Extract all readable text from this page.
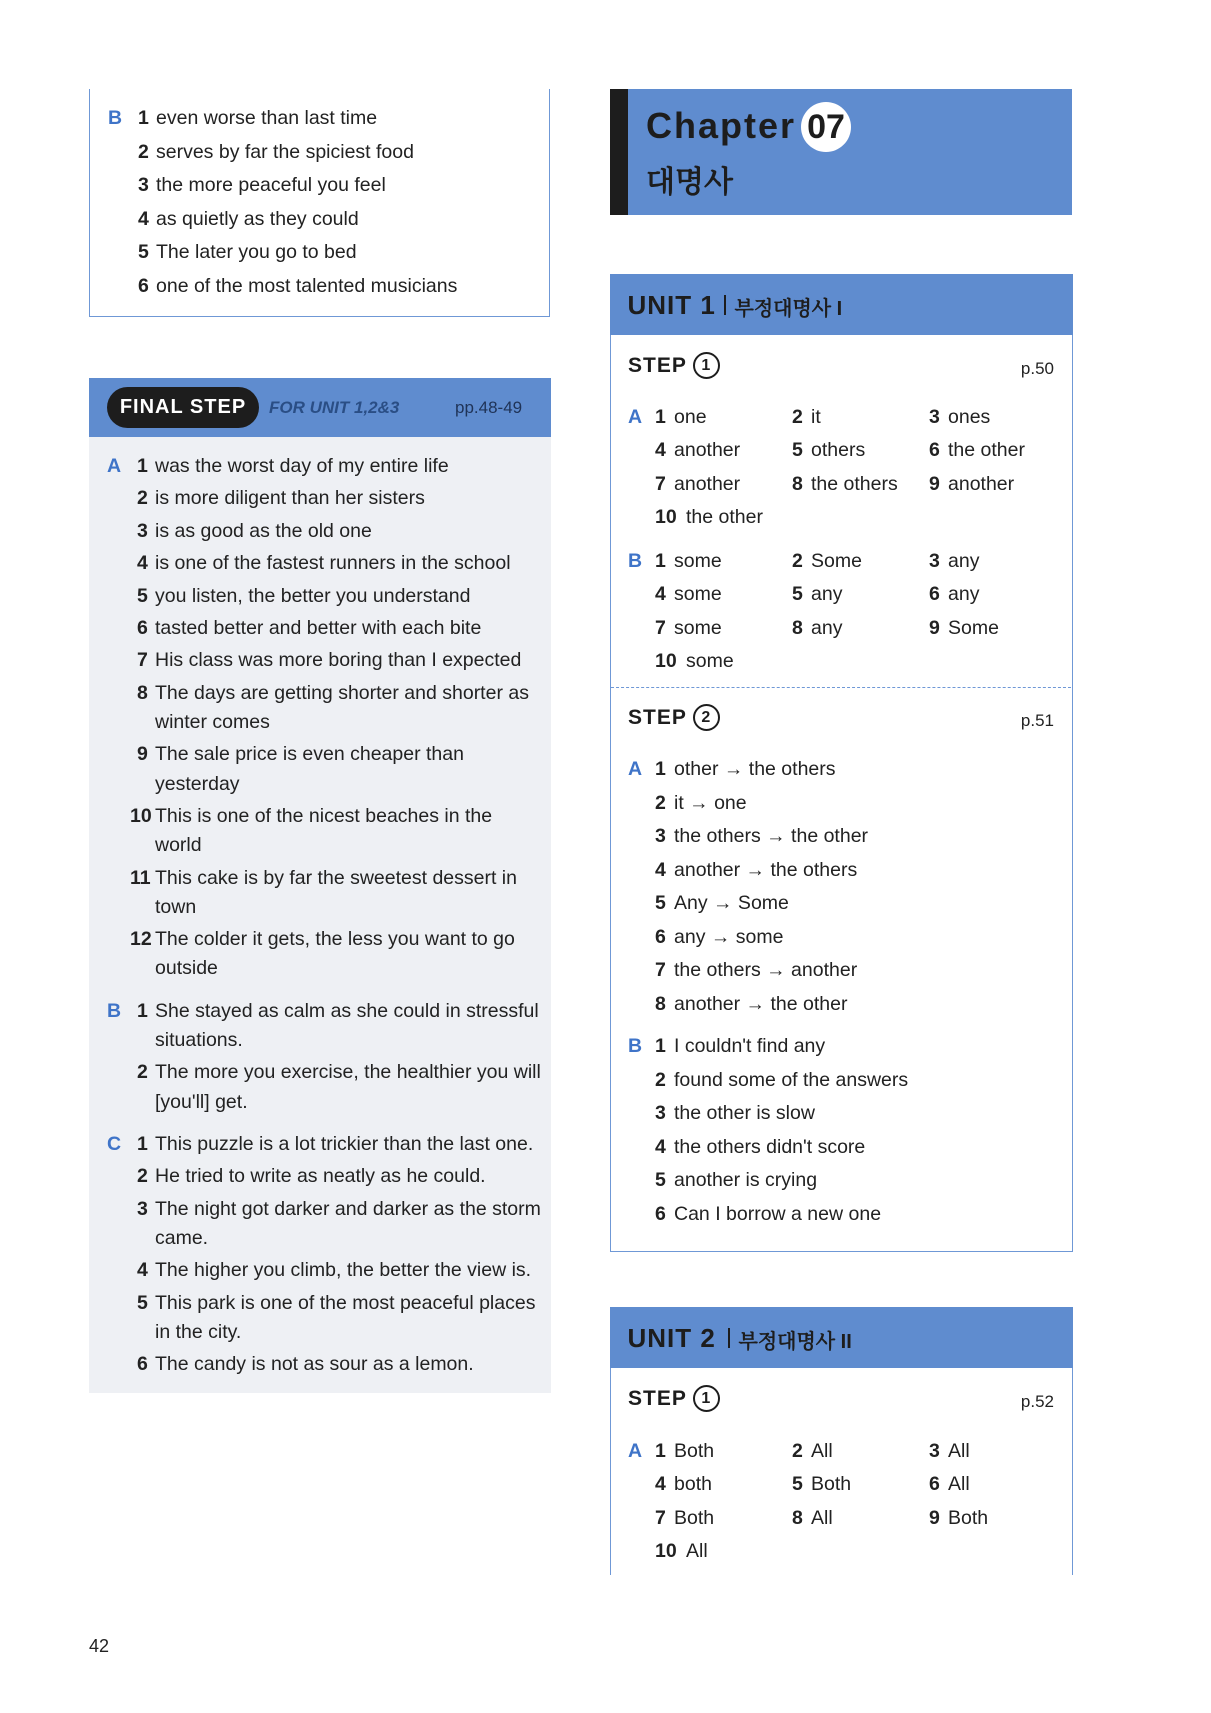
B 1 even worse than last time
2 serves by far the spiciest food
3 the more peaceful you feel
4 as quietly as they could
5 The later you go to bed
6 one of the most talented musicians
FINAL STEP	FOR UNIT 1,2&3	pp.48-49
A 1 was the worst day of my entire life
2 is more diligent than her sisters
3 is as good as the old one
4 is one of the fastest runners in the school
5 you listen, the better you understand
6 tasted better and better with each bite
7 His class was more boring than I expected
8 The days are getting shorter and shorter as
winter comes
9 The sale price is even cheaper than
yesterday
10 This is one of the nicest beaches in the
world
11 This cake is by far the sweetest dessert in
town
12 The colder it gets, the less you want to go
outside
B 1 She stayed as calm as she could in stressful
situations.
2 The more you exercise, the healthier you will
[you'll] get.
C 1 This puzzle is a lot trickier than the last one.
2 He tried to write as neatly as he could.
3 The night got darker and darker as the storm
came.
4 The higher you climb, the better the view is.
5 This park is one of the most peaceful places
in the city.
6 The candy is not as sour as a lemon.
Chapter 07
대명사
UNIT 1 부정대명사 I
STEP 1	p.50
A 1 one	2 it	3 ones
4 another	5 others	6 the other
7 another	8 the others 9 another
10 the other
B 1 some	2 Some	3 any
4 some	5 any	6 any
7 some	8 any	9 Some
10 some
STEP 2	p.51
A 1 other → the others
2 it → one
3 the others → the other
4 another → the others
5 Any → Some
6 any → some
7 the others → another
8 another → the other
B 1 I couldn't find any
2 found some of the answers
3 the other is slow
4 the others didn't score
5 another is crying
6 Can I borrow a new one
UNIT 2 부정대명사 II
STEP 1	p.52
A 1 Both	2 All	3 All
4 both	5 Both	6 All
7 Both	8 All	9 Both
10 All
42
